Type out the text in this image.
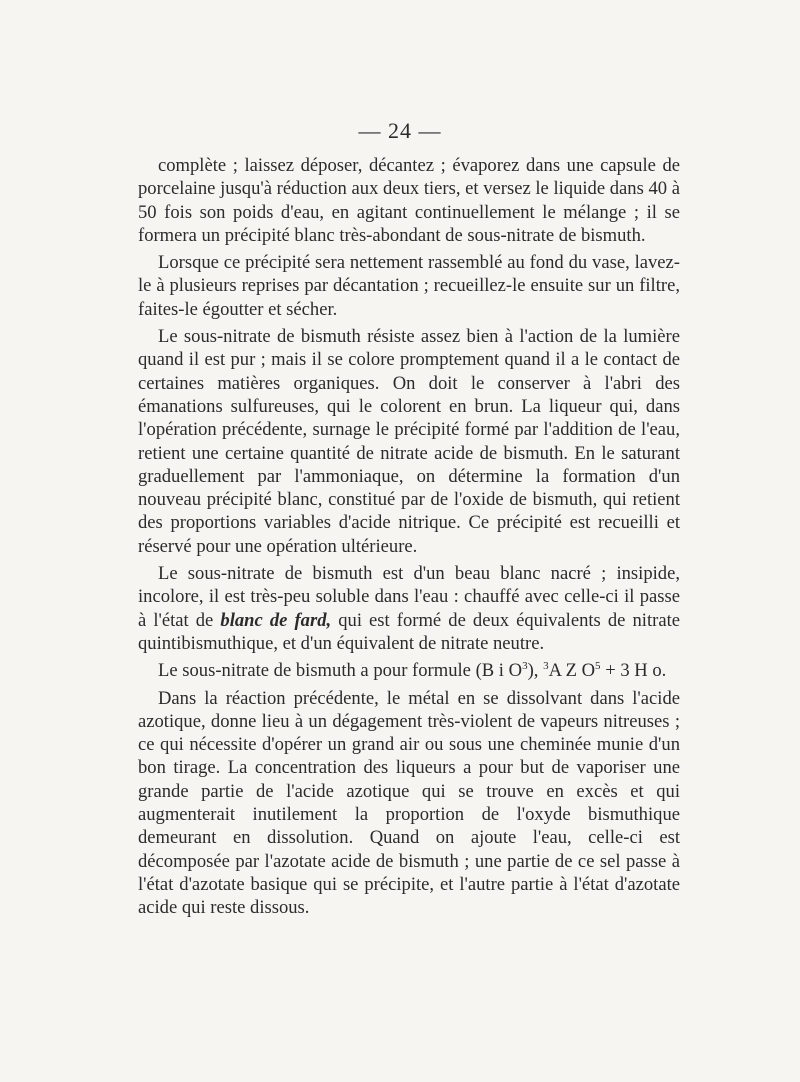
— 24 —

complète ; laissez déposer, décantez ; évaporez dans une capsule de porcelaine jusqu'à réduction aux deux tiers, et versez le liquide dans 40 à 50 fois son poids d'eau, en agitant continuellement le mélange ; il se formera un précipité blanc très-abondant de sous-nitrate de bismuth.

Lorsque ce précipité sera nettement rassemblé au fond du vase, lavez-le à plusieurs reprises par décantation ; recueillez-le ensuite sur un filtre, faites-le égoutter et sécher.

Le sous-nitrate de bismuth résiste assez bien à l'action de la lumière quand il est pur ; mais il se colore promptement quand il a le contact de certaines matières organiques. On doit le conserver à l'abri des émanations sulfureuses, qui le colorent en brun. La liqueur qui, dans l'opération précédente, surnage le précipité formé par l'addition de l'eau, retient une certaine quantité de nitrate acide de bismuth. En le saturant graduellement par l'ammoniaque, on détermine la formation d'un nouveau précipité blanc, constitué par de l'oxide de bismuth, qui retient des proportions variables d'acide nitrique. Ce précipité est recueilli et réservé pour une opération ultérieure.

Le sous-nitrate de bismuth est d'un beau blanc nacré ; insipide, incolore, il est très-peu soluble dans l'eau : chauffé avec celle-ci il passe à l'état de blanc de fard, qui est formé de deux équivalents de nitrate quintibismuthique, et d'un équivalent de nitrate neutre.

Le sous-nitrate de bismuth a pour formule (B i $O^3$), $^3$A Z $O^5 + 3$ H o.

Dans la réaction précédente, le métal en se dissolvant dans l'acide azotique, donne lieu à un dégagement très-violent de vapeurs nitreuses ; ce qui nécessite d'opérer un grand air ou sous une cheminée munie d'un bon tirage. La concentration des liqueurs a pour but de vaporiser une grande partie de l'acide azotique qui se trouve en excès et qui augmenterait inutilement la proportion de l'oxyde bismuthique demeurant en dissolution. Quand on ajoute l'eau, celle-ci est décomposée par l'azotate acide de bismuth ; une partie de ce sel passe à l'état d'azotate basique qui se précipite, et l'autre partie à l'état d'azotate acide qui reste dissous.
